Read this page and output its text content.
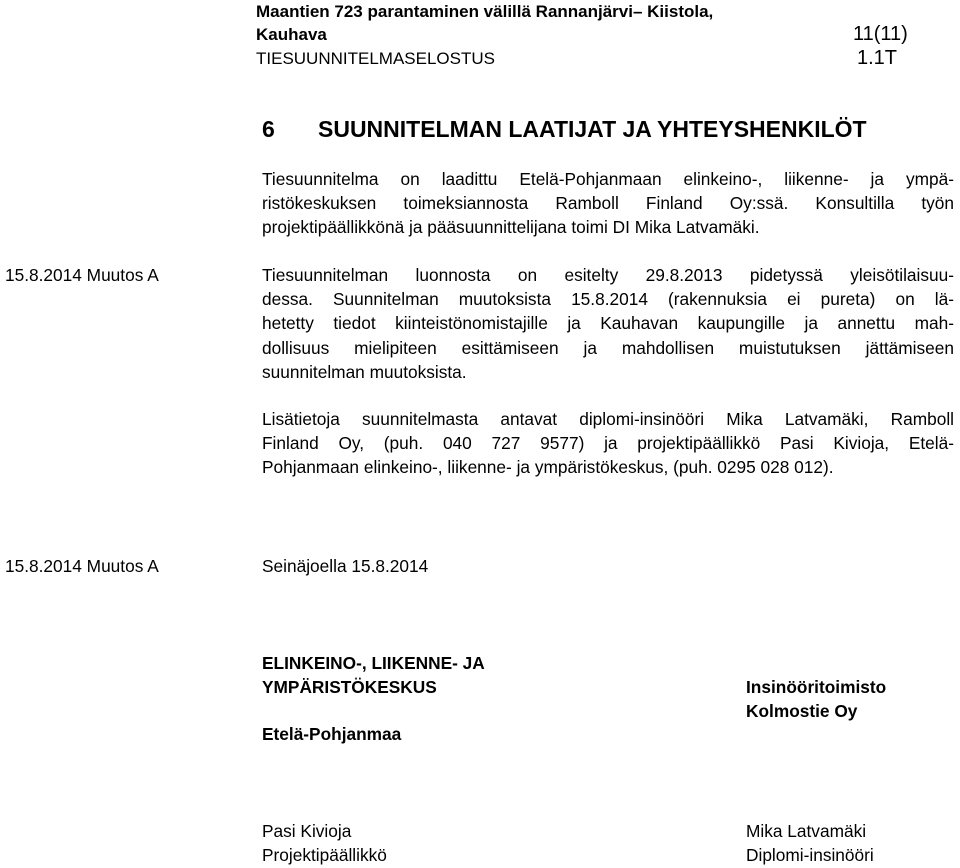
Maantien 723 parantaminen välillä Rannanjärvi– Kiistola,
Kauhava	11(11)
TIESUUNNITELMASELOSTUS	1.1T
6 SUUNNITELMAN LAATIJAT JA YHTEYSHENKILÖT
Tiesuunnitelma on laadittu Etelä-Pohjanmaan elinkeino-, liikenne- ja ympä-
ristökeskuksen toimeksiannosta Ramboll Finland Oy:ssä. Konsultilla työn
projektipäällikkönä ja pääsuunnittelijana toimi DI Mika Latvamäki.
15.8.2014 Muutos A	Tiesuunnitelman luonnosta on esitelty 29.8.2013 pidetyssä yleisötilaisuu-
dessa. Suunnitelman muutoksista 15.8.2014 (rakennuksia ei pureta) on lä-
hetetty tiedot kiinteistönomistajille ja Kauhavan kaupungille ja annettu mah-
dollisuus mielipiteen esittämiseen ja mahdollisen muistutuksen jättämiseen
suunnitelman muutoksista.
Lisätietoja suunnitelmasta antavat diplomi-insinööri Mika Latvamäki, Ramboll
Finland Oy, (puh. 040 727 9577) ja projektipäällikkö Pasi Kivioja, Etelä-
Pohjanmaan elinkeino-, liikenne- ja ympäristökeskus, (puh. 0295 028 012).
15.8.2014 Muutos A	Seinäjoella 15.8.2014
ELINKEINO-, LIIKENNE- JA
YMPÄRISTÖKESKUS
Etelä-Pohjanmaa
Insinööritoimisto
Kolmostie Oy
Pasi Kivioja
Projektipäällikkö
Mika Latvamäki
Diplomi-insinööri
